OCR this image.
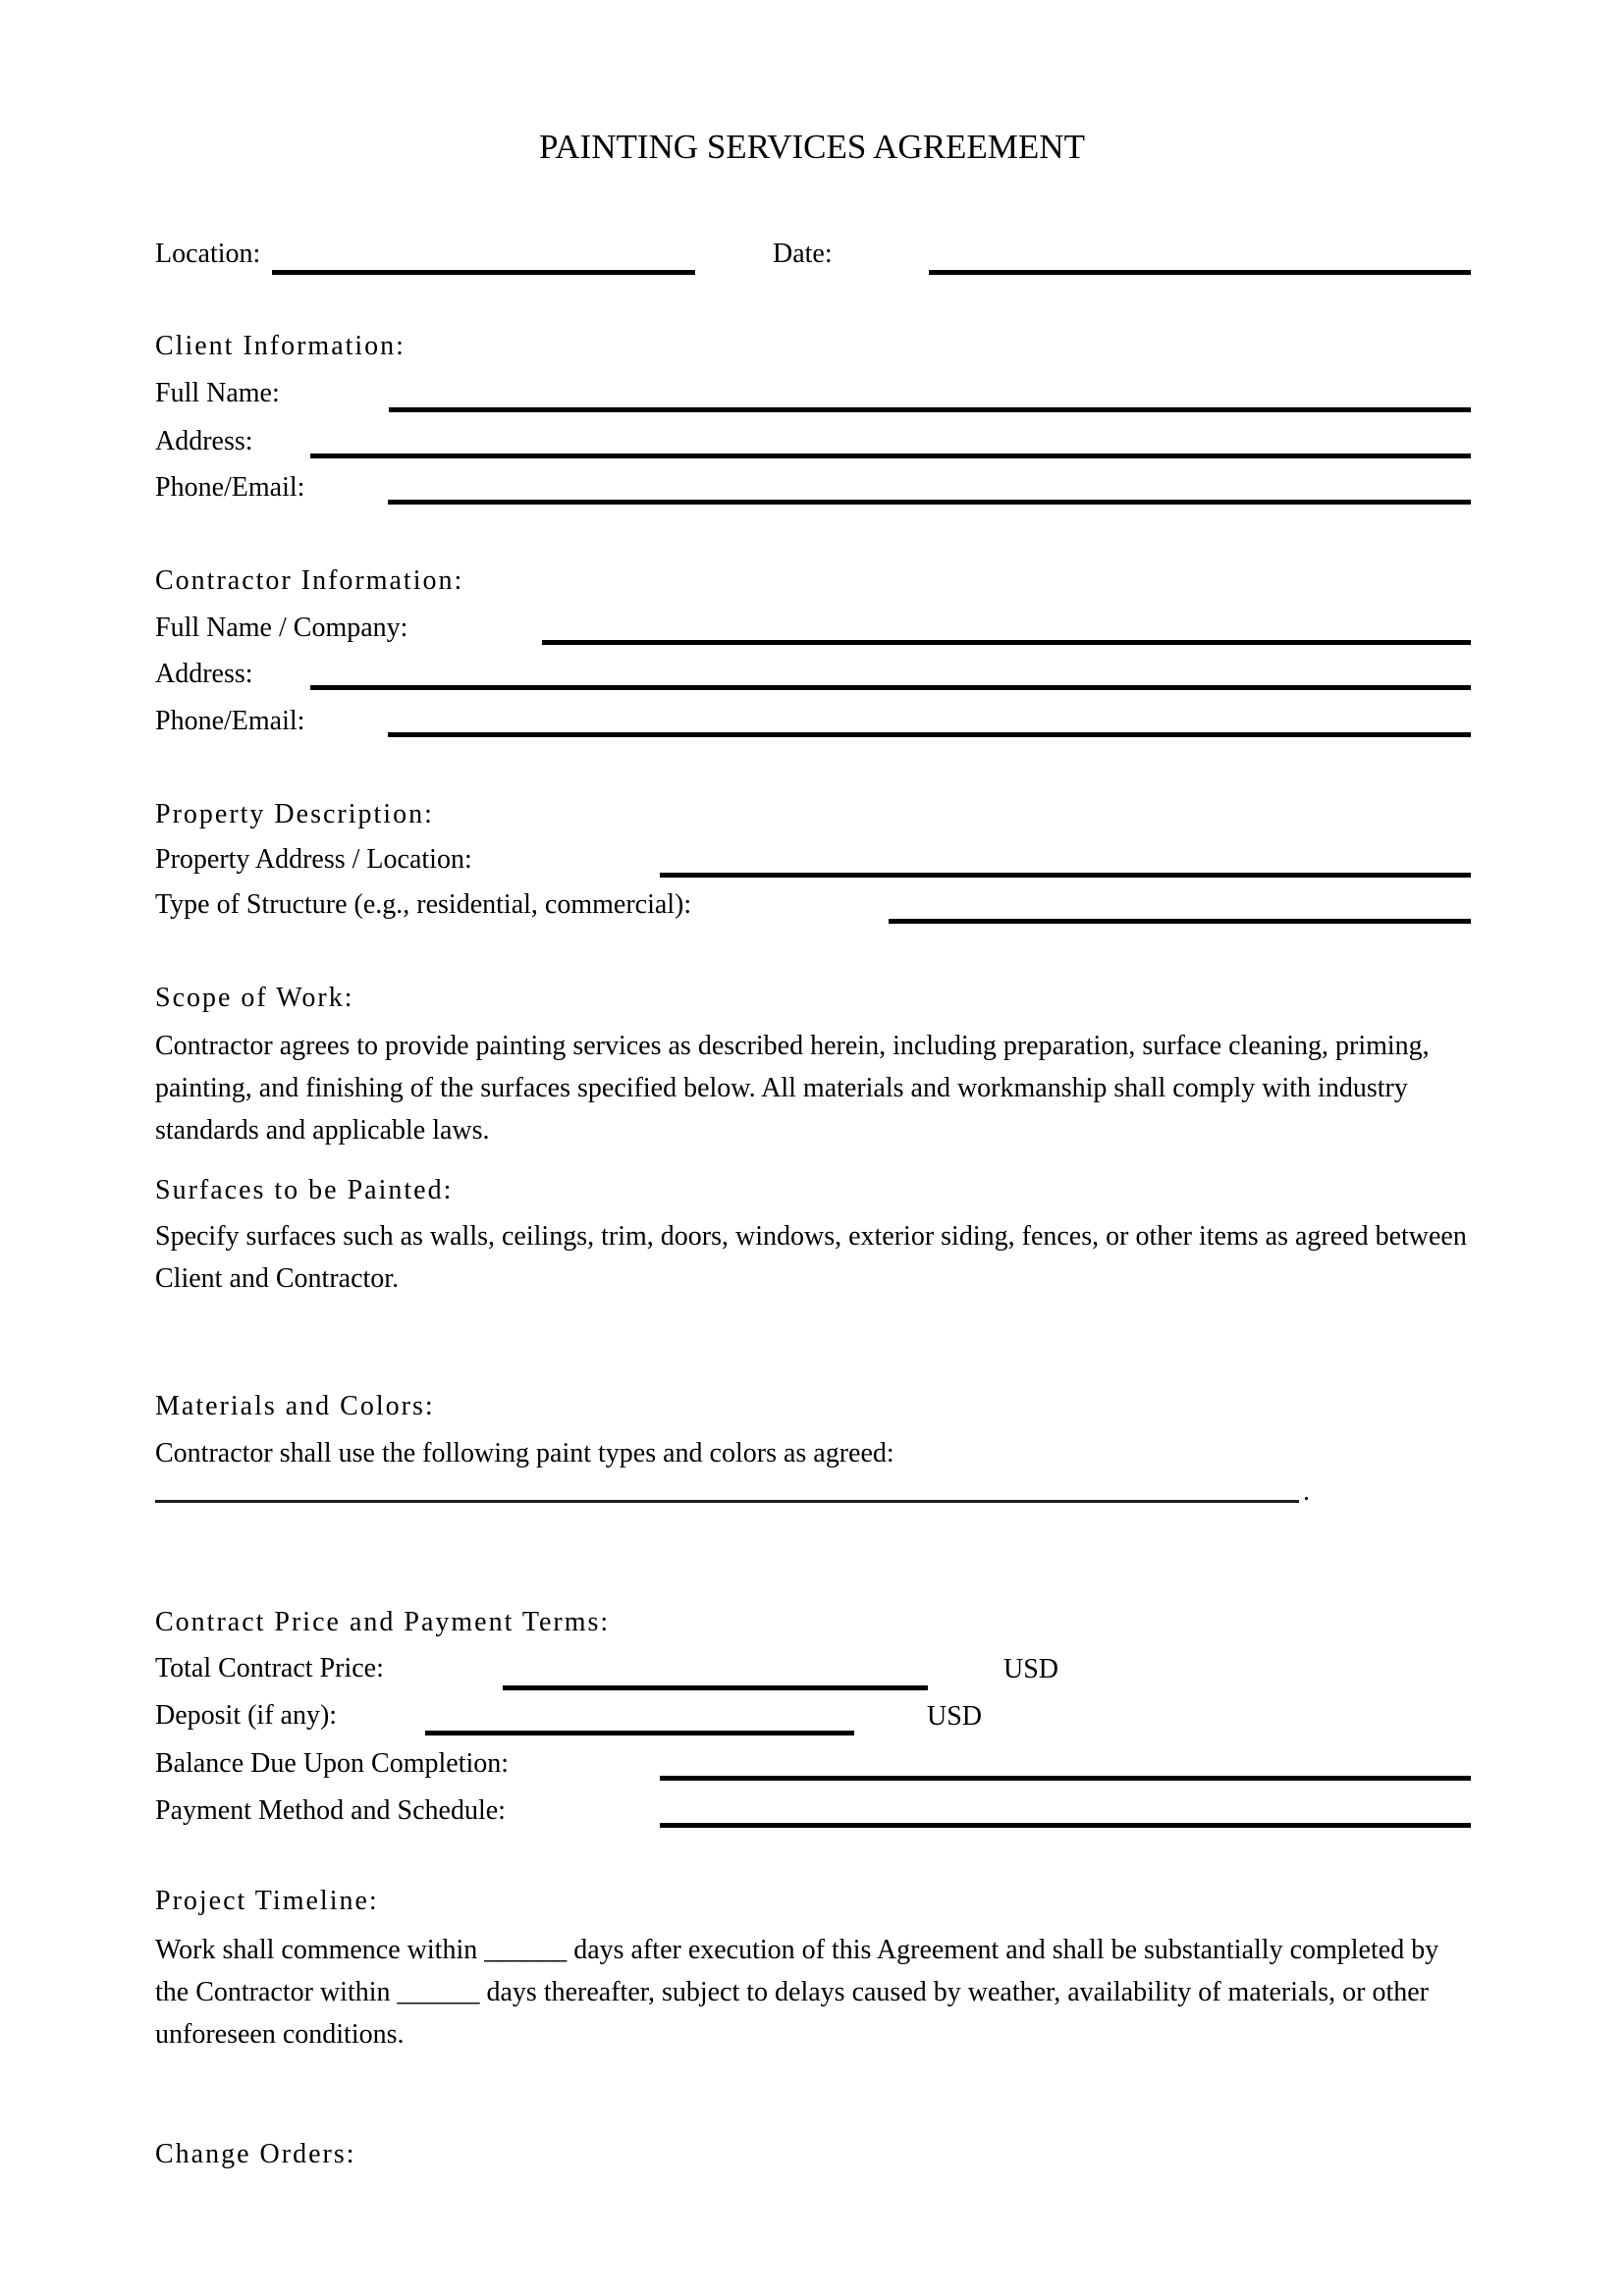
PAINTING SERVICES AGREEMENT
Location:	Date:
Client Information:
Full Name:
Address:
Phone/Email:
Contractor Information:
Full Name / Company:
Address:
Phone/Email:
Property Description:
Property Address / Location:
Type of Structure (e.g., residential, commercial):
Scope of Work:
Contractor agrees to provide painting services as described herein, including preparation, surface cleaning, priming,
painting, and finishing of the surfaces specified below. All materials and workmanship shall comply with industry
standards and applicable laws.
Surfaces to be Painted:
Specify surfaces such as walls, ceilings, trim, doors, windows, exterior siding, fences, or other items as agreed between
Client and Contractor.
Materials and Colors:
Contractor shall use the following paint types and colors as agreed:
.
Contract Price and Payment Terms:
Total Contract Price:	USD
Deposit (if any):	USD
Balance Due Upon Completion:
Payment Method and Schedule:
Project Timeline:
Work shall commence within ______ days after execution of this Agreement and shall be substantially completed by
the Contractor within ______ days thereafter, subject to delays caused by weather, availability of materials, or other
unforeseen conditions.
Change Orders:
